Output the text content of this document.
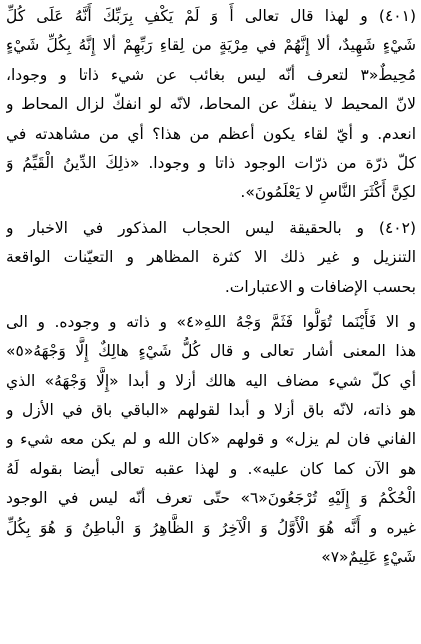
(٤٠١) و لهذا قال تعالى أَ وَ لَمْ يَكْفِ بِرَبِّكَ أَنَّهُ عَلَى كُلِّ
شَيْءٍ شَهِيدٌ، ألا إِنَّهُمْ في مِرْيَةٍ من لِقاءِ رَبِّهِمْ ألا إِنَّهُ بِكُلِّ شَيْءٍ
مُحِيطٌ«٣ لتعرف أنّه ليس بغائب عن شيء ذاتا و وجودا،
لانّ المحيط لا ينفكّ عن المحاط، لانّه لو انفكّ لزال المحاط و
انعدم. و أيّ لقاء يكون أعظم من هذا؟ أي من مشاهدته في
كلّ ذرّة من ذرّات الوجود ذاتا و وجودا. «ذلِكَ الدِّينُ الْقَيِّمُ وَ
لكِنَّ أَكْثَرَ النَّاسِ لا يَعْلَمُونَ».
(٤٠٢) و بالحقيقة ليس الحجاب المذكور في الاخبار و
التنزيل و غير ذلك الا كثرة المظاهر و التعيّنات الواقعة
بحسب الإضافات و الاعتبارات.
و الا فَأَيْنَما تُوَلُّوا فَثَمَّ وَجْهُ اللهِ«٤» و ذاته و وجوده. و الى
هذا المعنى أشار تعالى و قال كُلُّ شَيْءٍ هالِكٌ إِلَّا وَجْهَهُ«٥»
أي كلّ شيء مضاف اليه هالك أزلا و أبدا «إِلَّا وَجْهَهُ» الذي
هو ذاته، لانّه باق أزلا و أبدا لقولهم «الباقي باق في الأزل و
الفاني فان لم يزل» و قولهم «كان الله و لم يكن معه شيء و
هو الآن كما كان عليه». و لهذا عقبه تعالى أيضا بقوله لَهُ
الْحُكْمُ وَ إِلَيْهِ تُرْجَعُونَ«٦» حتّى تعرف أنّه ليس في الوجود
غيره و أَنَّه هُوَ الْأَوَّلُ وَ الْآخِرُ وَ الظَّاهِرُ وَ الْباطِنُ وَ هُوَ بِكُلِّ
شَيْءٍ عَلِيمٌ«٧»
